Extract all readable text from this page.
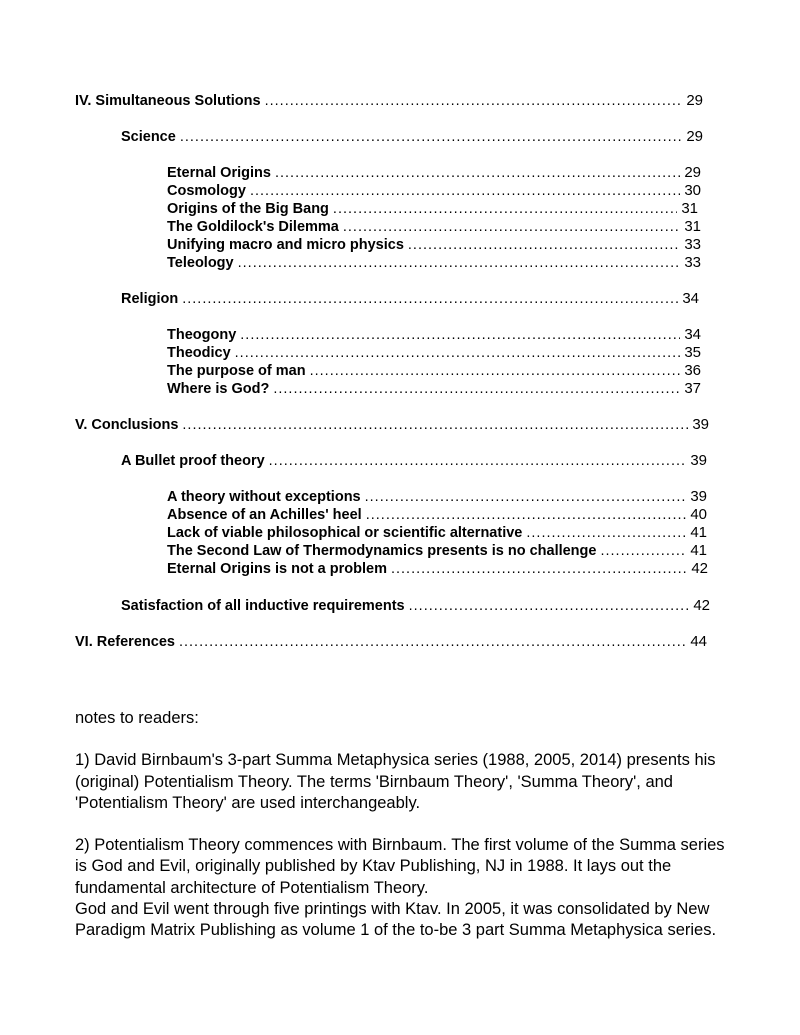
IV. Simultaneous Solutions .....	29
Science .....	29
Eternal Origins .....	29
Cosmology .....	30
Origins of the Big Bang .....	31
The Goldilock's Dilemma .....	31
Unifying macro and micro physics .....	33
Teleology .....	33
Religion .....	34
Theogony .....	34
Theodicy .....	35
The purpose of man .....	36
Where is God? .....	37
V. Conclusions .....	39
A Bullet proof theory .....	39
A theory without exceptions .....	39
Absence of an Achilles' heel .....	40
Lack of viable philosophical or scientific alternative .....	41
The Second Law of Thermodynamics presents is no challenge .....	41
Eternal Origins is not a problem .....	42
Satisfaction of all inductive requirements .....	42
VI. References .....	44

notes to readers:

1) David Birnbaum's 3-part Summa Metaphysica series (1988, 2005, 2014) presents his (original) Potentialism Theory. The terms 'Birnbaum Theory', 'Summa Theory', and 'Potentialism Theory' are used interchangeably.

2) Potentialism Theory commences with Birnbaum. The first volume of the Summa series is God and Evil, originally published by Ktav Publishing, NJ in 1988. It lays out the fundamental architecture of Potentialism Theory.

God and Evil went through five printings with Ktav. In 2005, it was consolidated by New Paradigm Matrix Publishing as volume 1 of the to-be 3 part Summa Metaphysica series.
